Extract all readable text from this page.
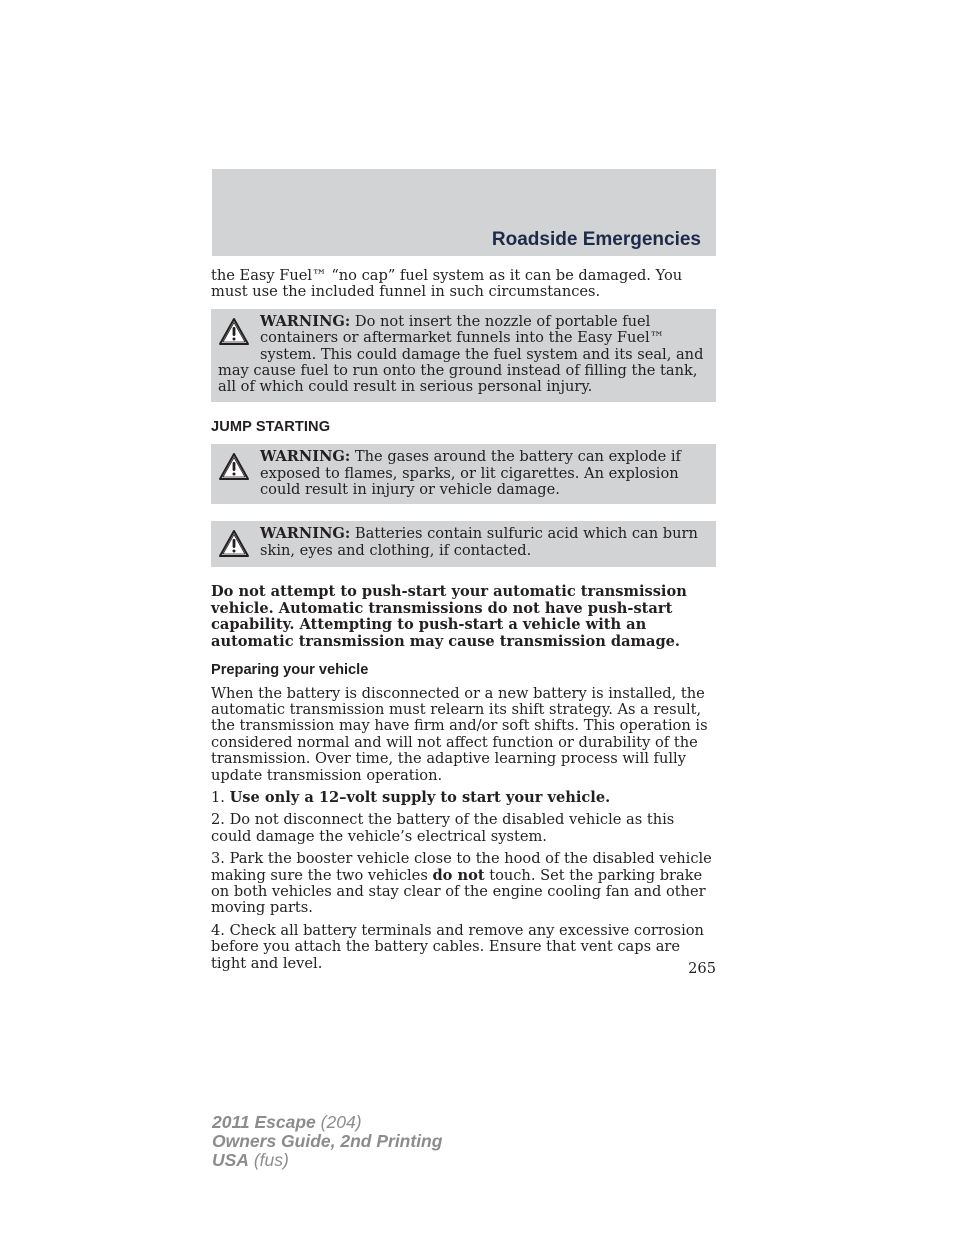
Roadside Emergencies

the Easy Fuel™ “no cap” fuel system as it can be damaged. You must use the included funnel in such circumstances.

WARNING: Do not insert the nozzle of portable fuel containers or aftermarket funnels into the Easy Fuel™ system. This could damage the fuel system and its seal, and may cause fuel to run onto the ground instead of filling the tank, all of which could result in serious personal injury.

JUMP STARTING

WARNING: The gases around the battery can explode if exposed to flames, sparks, or lit cigarettes. An explosion could result in injury or vehicle damage.

WARNING: Batteries contain sulfuric acid which can burn skin, eyes and clothing, if contacted.

Do not attempt to push-start your automatic transmission vehicle. Automatic transmissions do not have push-start capability. Attempting to push-start a vehicle with an automatic transmission may cause transmission damage.

Preparing your vehicle

When the battery is disconnected or a new battery is installed, the automatic transmission must relearn its shift strategy. As a result, the transmission may have firm and/or soft shifts. This operation is considered normal and will not affect function or durability of the transmission. Over time, the adaptive learning process will fully update transmission operation.

1. Use only a 12–volt supply to start your vehicle.

2. Do not disconnect the battery of the disabled vehicle as this could damage the vehicle’s electrical system.

3. Park the booster vehicle close to the hood of the disabled vehicle making sure the two vehicles do not touch. Set the parking brake on both vehicles and stay clear of the engine cooling fan and other moving parts.

4. Check all battery terminals and remove any excessive corrosion before you attach the battery cables. Ensure that vent caps are tight and level.	265
2011 Escape (204)
Owners Guide, 2nd Printing
USA (fus)
